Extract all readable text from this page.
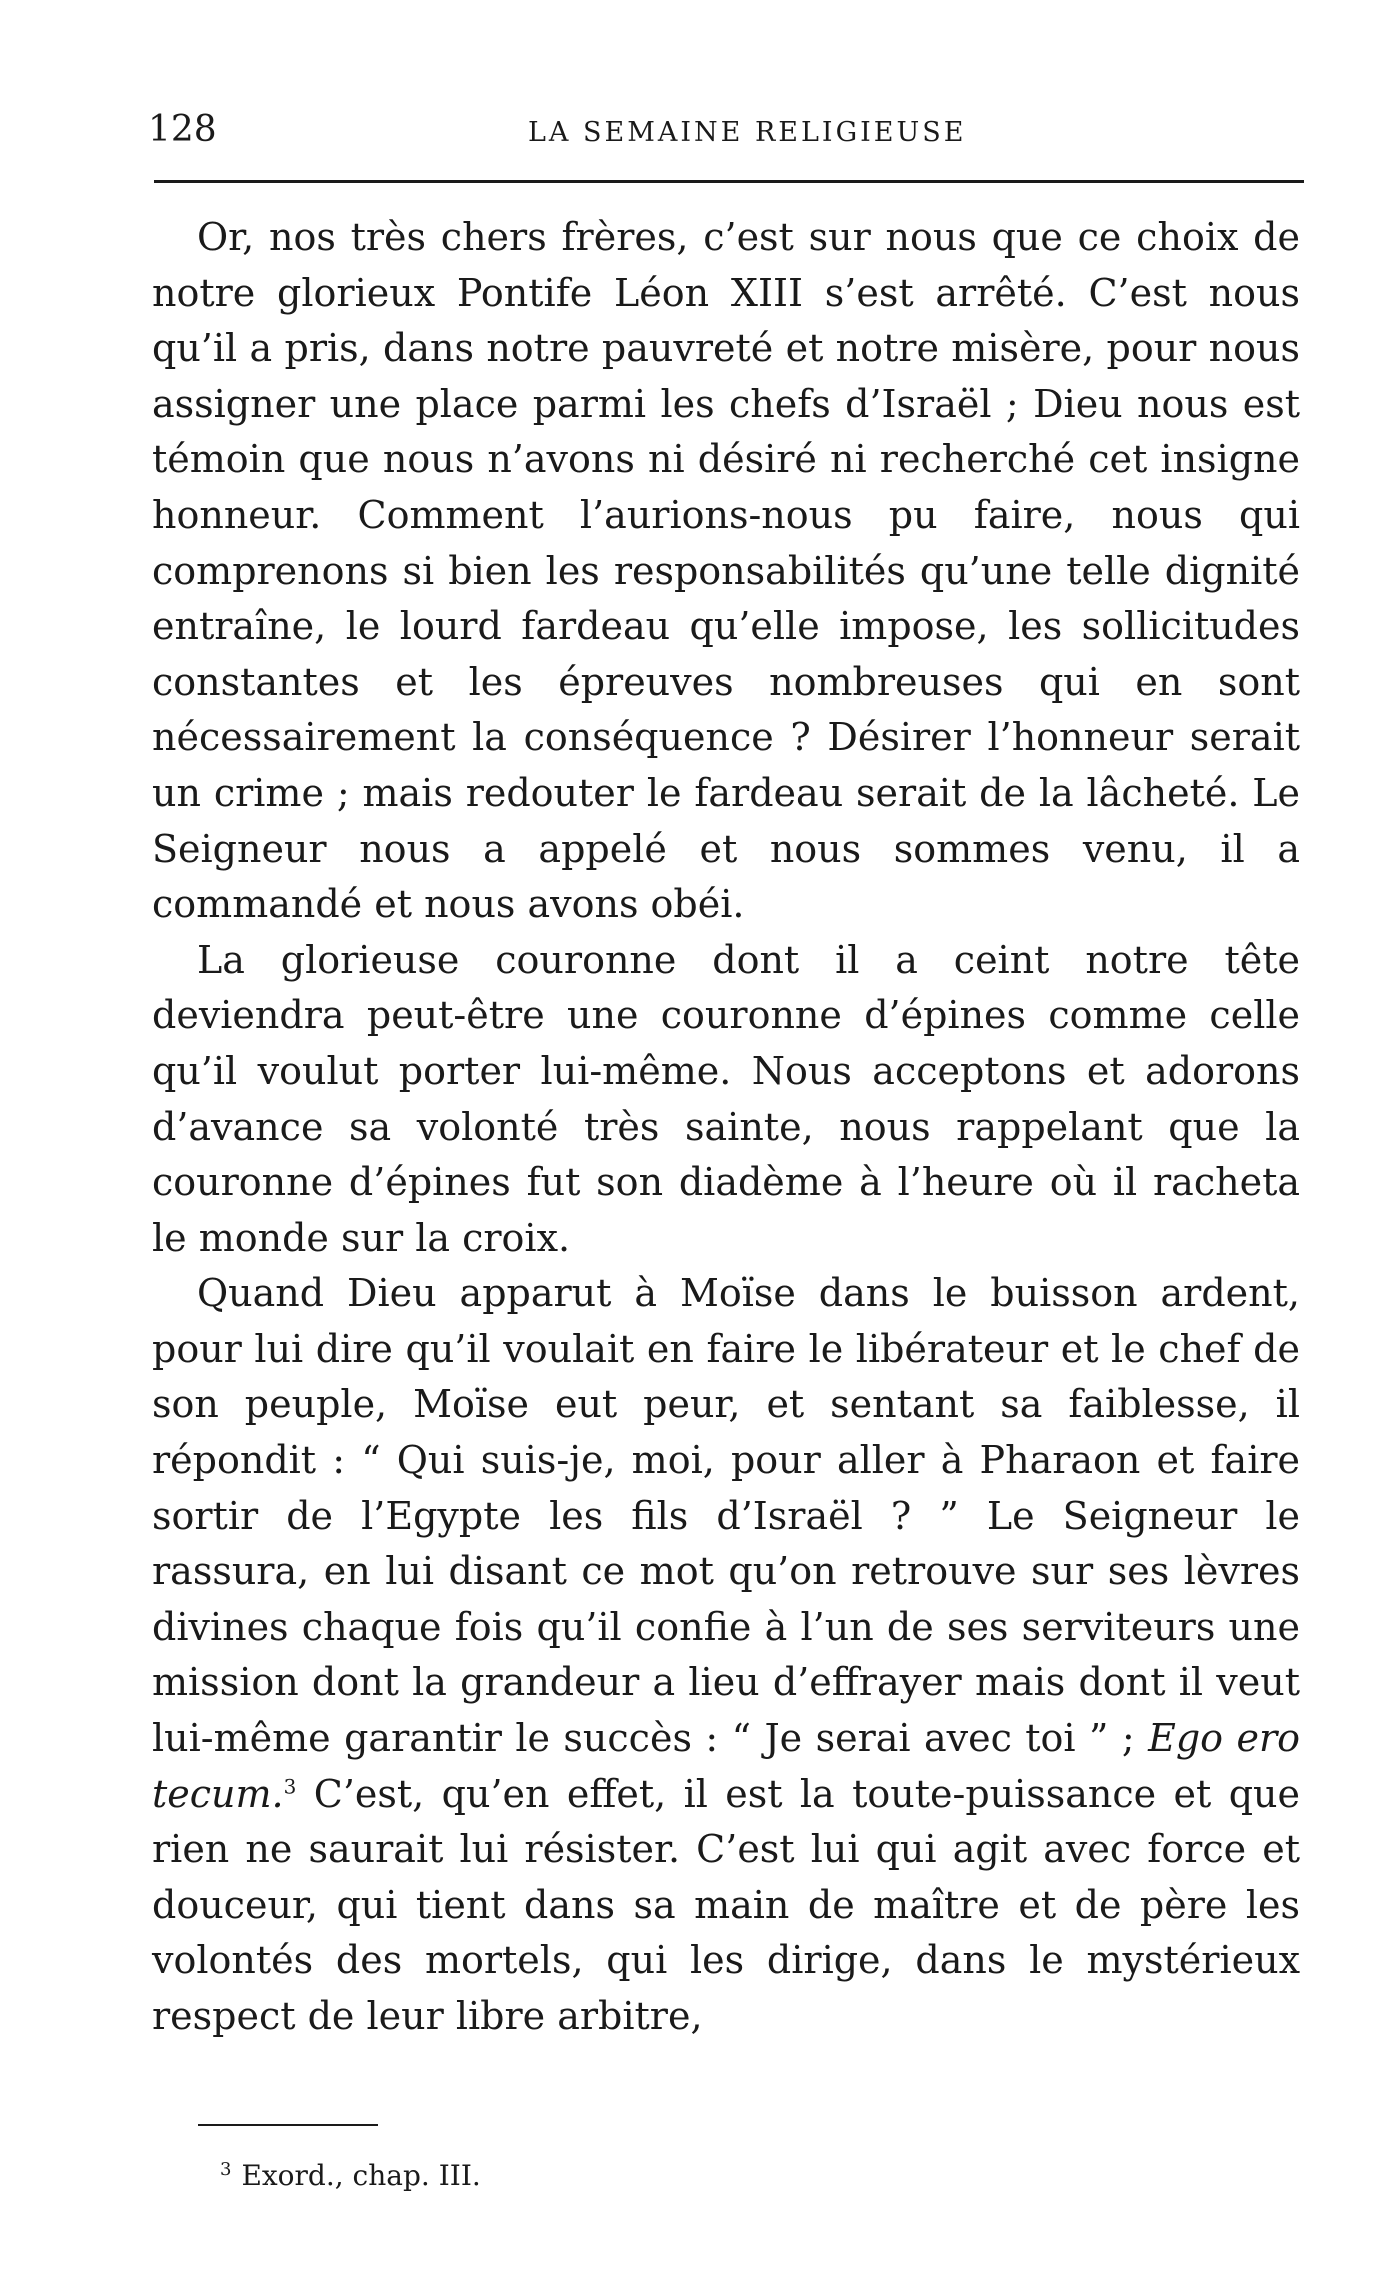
128	LA SEMAINE RELIGIEUSE

Or, nos très chers frères, c’est sur nous que ce choix de notre glorieux Pontife Léon XIII s’est arrêté. C’est nous qu’il a pris, dans notre pauvreté et notre misère, pour nous assigner une place parmi les chefs d’Israël ; Dieu nous est témoin que nous n’avons ni désiré ni recherché cet insigne honneur. Comment l’aurions-nous pu faire, nous qui comprenons si bien les responsabilités qu’une telle dignité entraîne, le lourd fardeau qu’elle impose, les sollicitudes constantes et les épreuves nombreuses qui en sont nécessairement la conséquence ? Désirer l’honneur serait un crime ; mais redouter le fardeau serait de la lâcheté. Le Seigneur nous a appelé et nous sommes venu, il a commandé et nous avons obéi.

La glorieuse couronne dont il a ceint notre tête deviendra peut-être une couronne d’épines comme celle qu’il voulut porter lui-même. Nous acceptons et adorons d’avance sa volonté très sainte, nous rappelant que la couronne d’épines fut son diadème à l’heure où il racheta le monde sur la croix.

Quand Dieu apparut à Moïse dans le buisson ardent, pour lui dire qu’il voulait en faire le libérateur et le chef de son peuple, Moïse eut peur, et sentant sa faiblesse, il répondit : “ Qui suis-je, moi, pour aller à Pharaon et faire sortir de l’Egypte les fils d’Israël ? ” Le Seigneur le rassura, en lui disant ce mot qu’on retrouve sur ses lèvres divines chaque fois qu’il confie à l’un de ses serviteurs une mission dont la grandeur a lieu d’effrayer mais dont il veut lui-même garantir le succès : “ Je serai avec toi ” ; Ego ero tecum.$^3$ C’est, qu’en effet, il est la toute-puissance et que rien ne saurait lui résister. C’est lui qui agit avec force et douceur, qui tient dans sa main de maître et de père les volontés des mortels, qui les dirige, dans le mystérieux respect de leur libre arbitre,

$^3$ Exord., chap. III.
